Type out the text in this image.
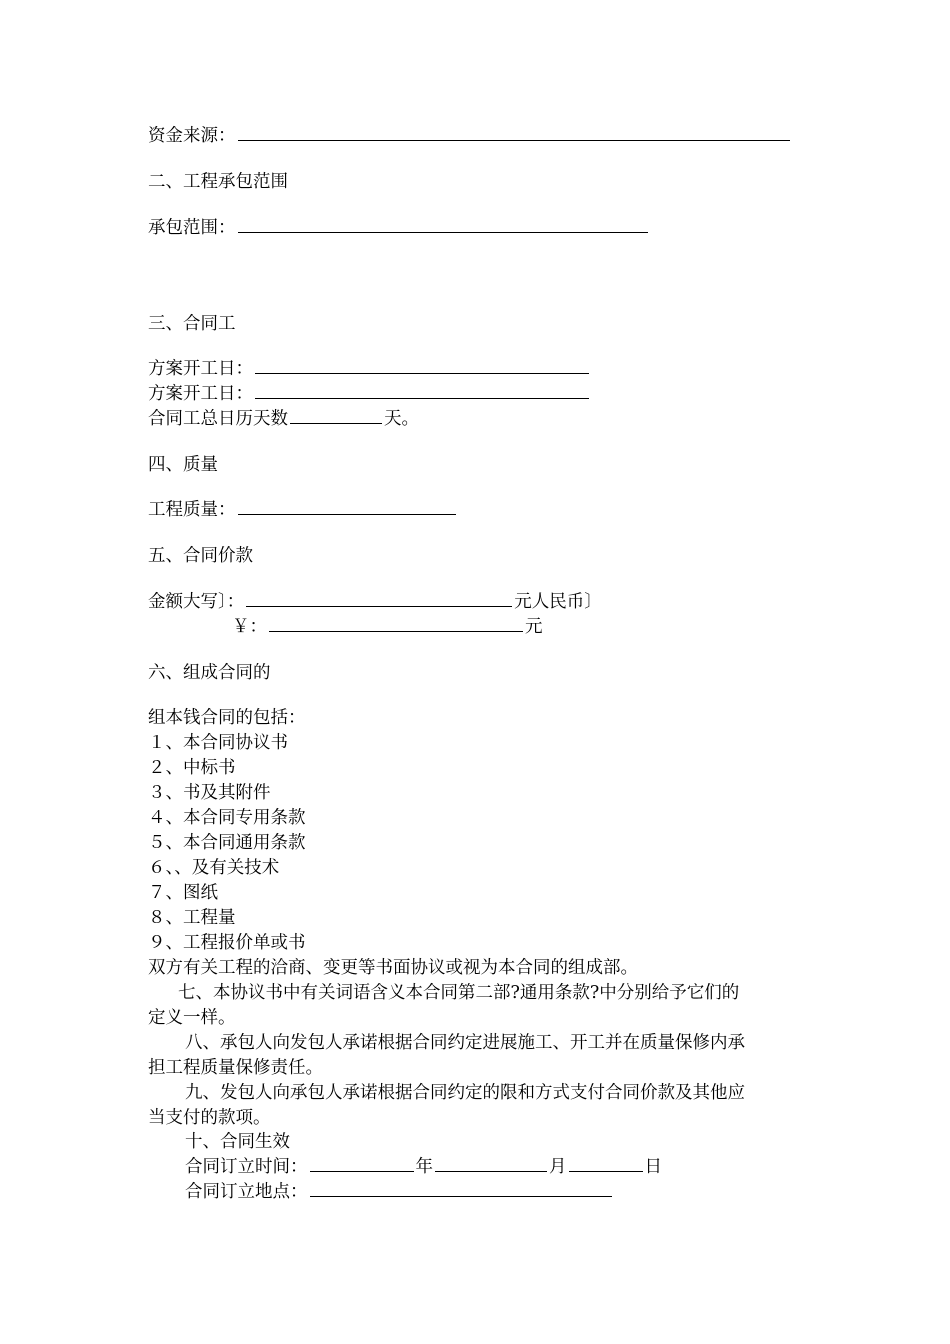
资金来源：
二、工程承包范围
承包范围：
三、合同工
方案开工日：
方案开工日：
合同工总日历天数	天。
四、质量
工程质量：
五、合同价款
金额大写〕：	元人民币〕
￥：	元
六、组成合同的
组本钱合同的包括：
１、本合同协议书
２、中标书
３、书及其附件
４、本合同专用条款
５、本合同通用条款
６、、及有关技术
７、图纸
８、工程量
９、工程报价单或书
双方有关工程的洽商、变更等书面协议或视为本合同的组成部。
七、本协议书中有关词语含义本合同第二部?通用条款?中分别给予它们的
定义一样。
八、承包人向发包人承诺根据合同约定进展施工、开工并在质量保修内承
担工程质量保修责任。
九、发包人向承包人承诺根据合同约定的限和方式支付合同价款及其他应
当支付的款项。
十、合同生效
合同订立时间：	年	月	日
合同订立地点：
